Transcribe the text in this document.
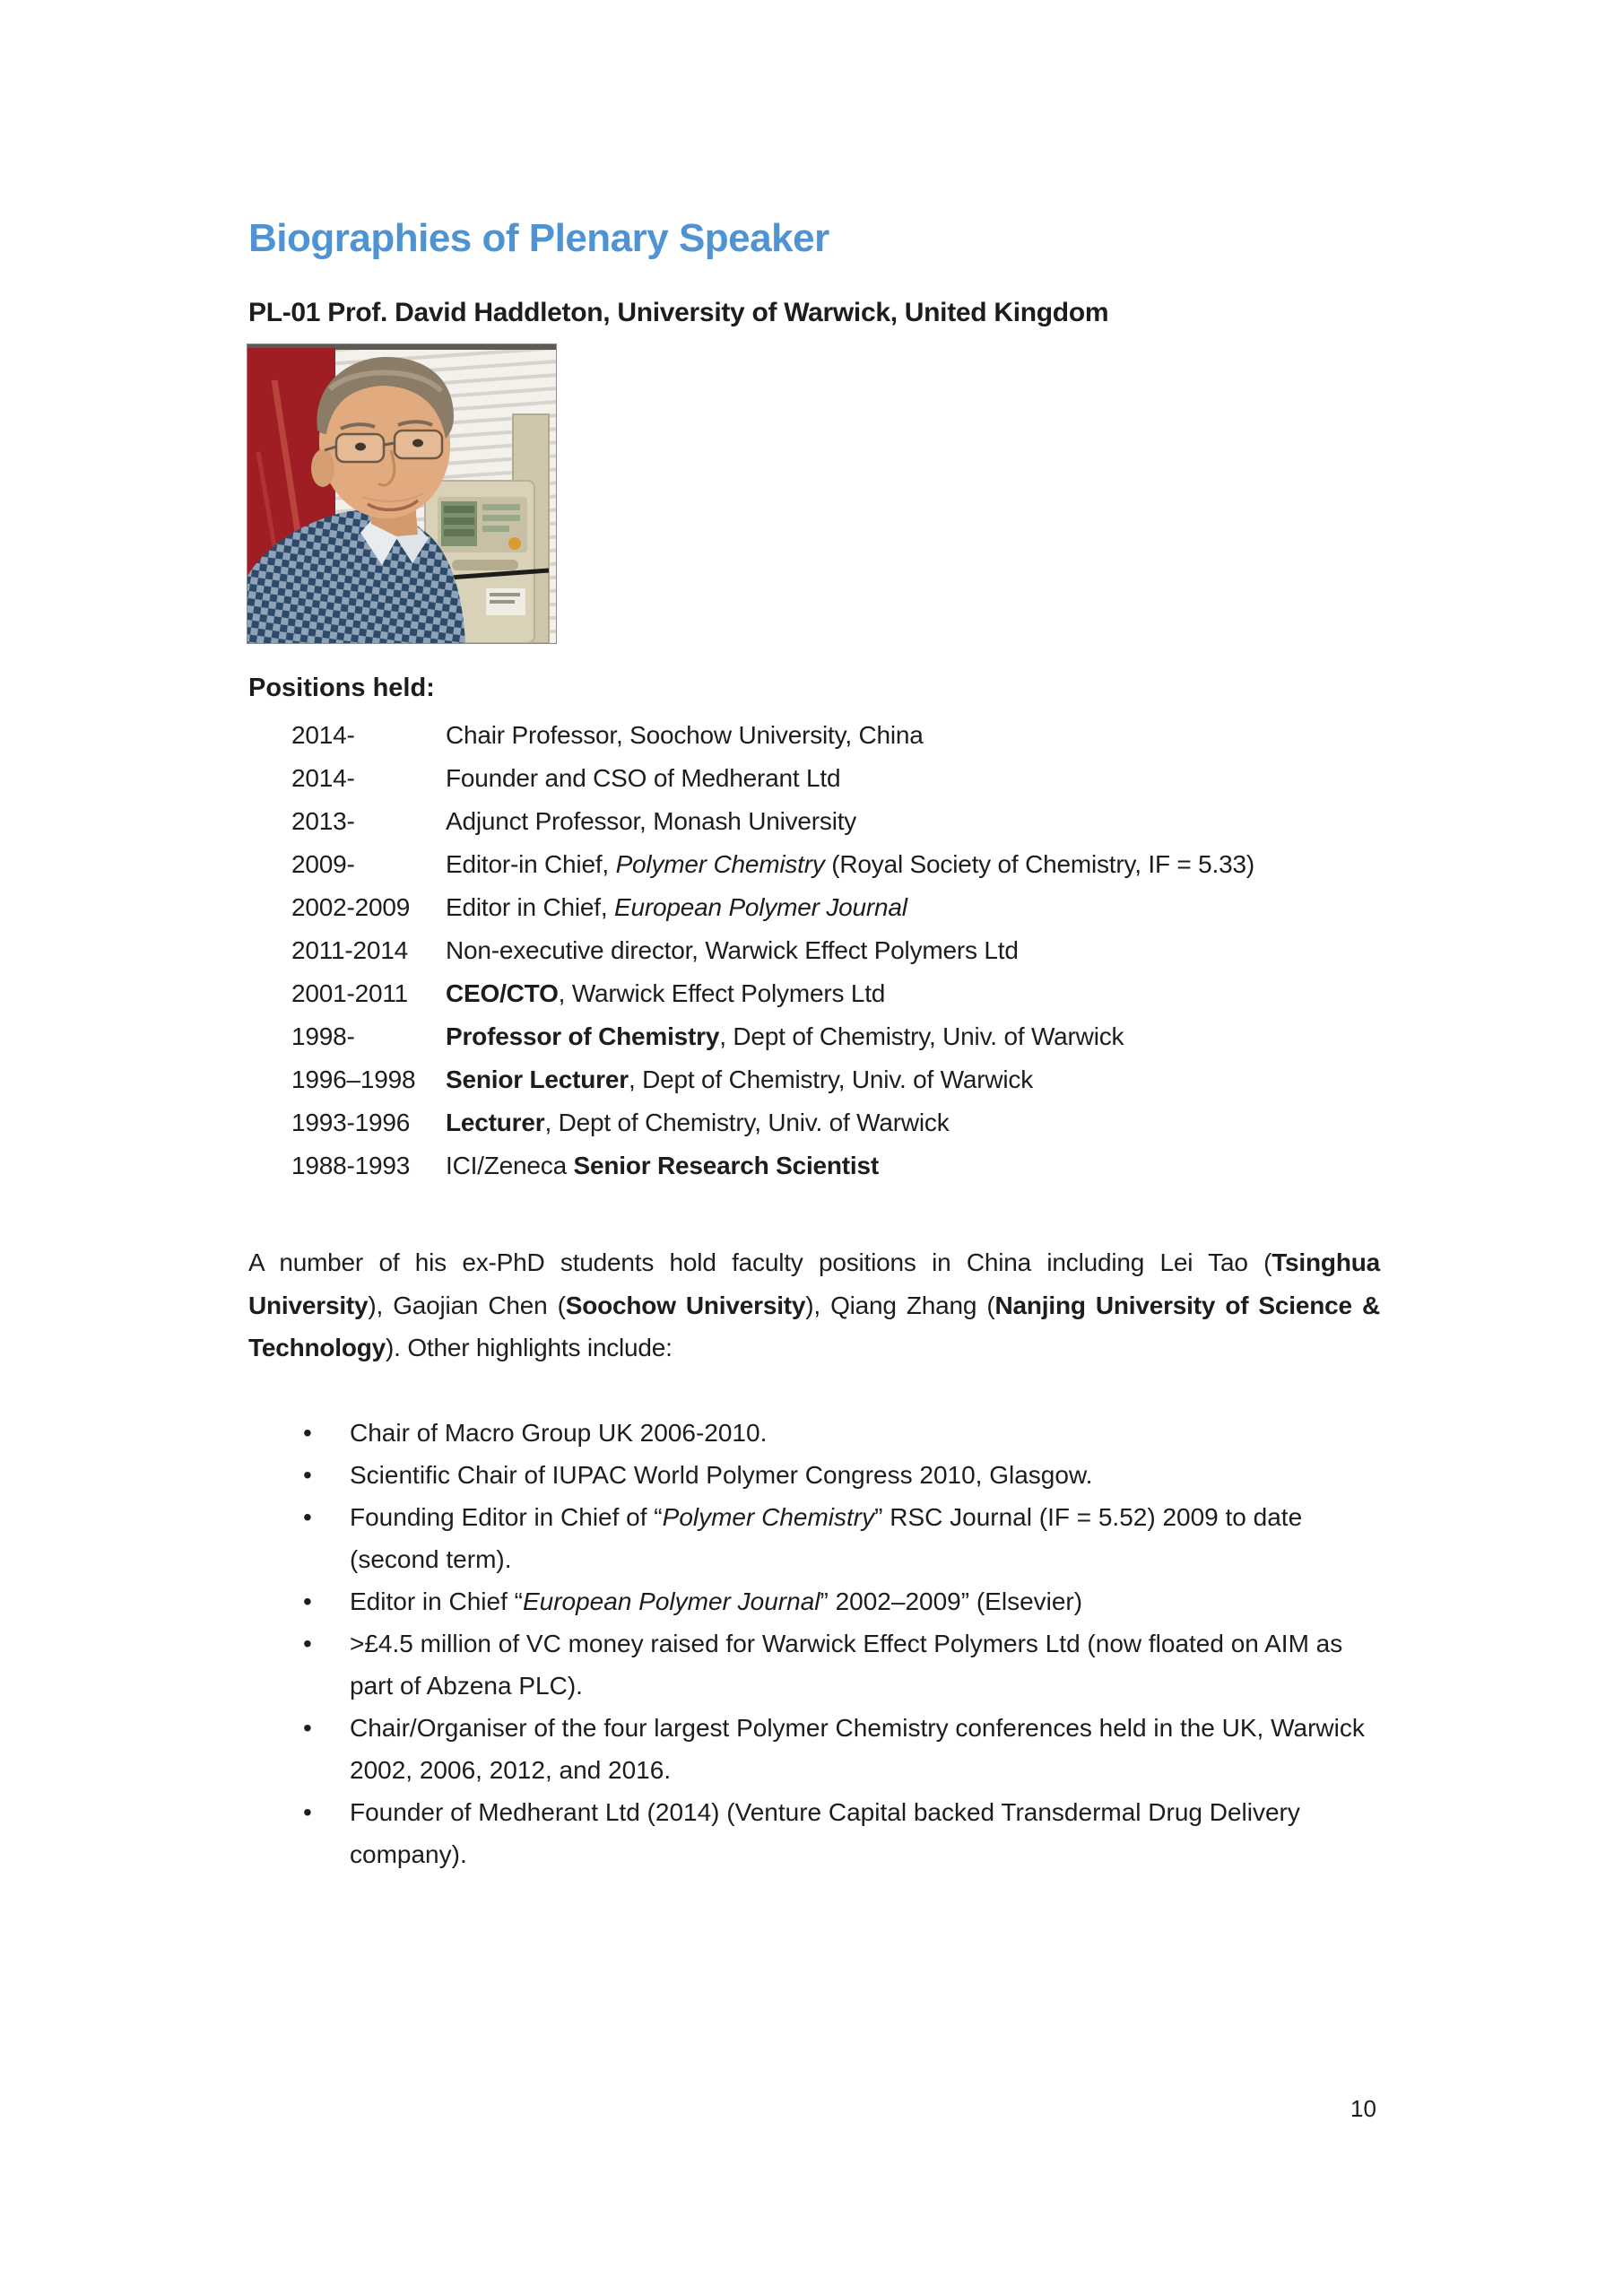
Biographies of Plenary Speaker
PL-01 Prof. David Haddleton, University of Warwick, United Kingdom

Positions held:

2014-	Chair Professor, Soochow University, China
2014-	Founder and CSO of Medherant Ltd
2013-	Adjunct Professor, Monash University
2009-	Editor-in Chief, Polymer Chemistry (Royal Society of Chemistry, IF = 5.33)
2002-2009	Editor in Chief, European Polymer Journal
2011-2014	Non-executive director, Warwick Effect Polymers Ltd
2001-2011	CEO/CTO, Warwick Effect Polymers Ltd
1998-	Professor of Chemistry, Dept of Chemistry, Univ. of Warwick
1996–1998	Senior Lecturer, Dept of Chemistry, Univ. of Warwick
1993-1996	Lecturer, Dept of Chemistry, Univ. of Warwick
1988-1993	ICI/Zeneca Senior Research Scientist

A number of his ex-PhD students hold faculty positions in China including Lei Tao (Tsinghua University), Gaojian Chen (Soochow University), Qiang Zhang (Nanjing University of Science & Technology). Other highlights include:

• Chair of Macro Group UK 2006-2010.
• Scientific Chair of IUPAC World Polymer Congress 2010, Glasgow.
• Founding Editor in Chief of “Polymer Chemistry” RSC Journal (IF = 5.52) 2009 to date (second term).
• Editor in Chief “European Polymer Journal” 2002–2009” (Elsevier)
• >£4.5 million of VC money raised for Warwick Effect Polymers Ltd (now floated on AIM as part of Abzena PLC).
• Chair/Organiser of the four largest Polymer Chemistry conferences held in the UK, Warwick 2002, 2006, 2012, and 2016.
• Founder of Medherant Ltd (2014) (Venture Capital backed Transdermal Drug Delivery company).
10
